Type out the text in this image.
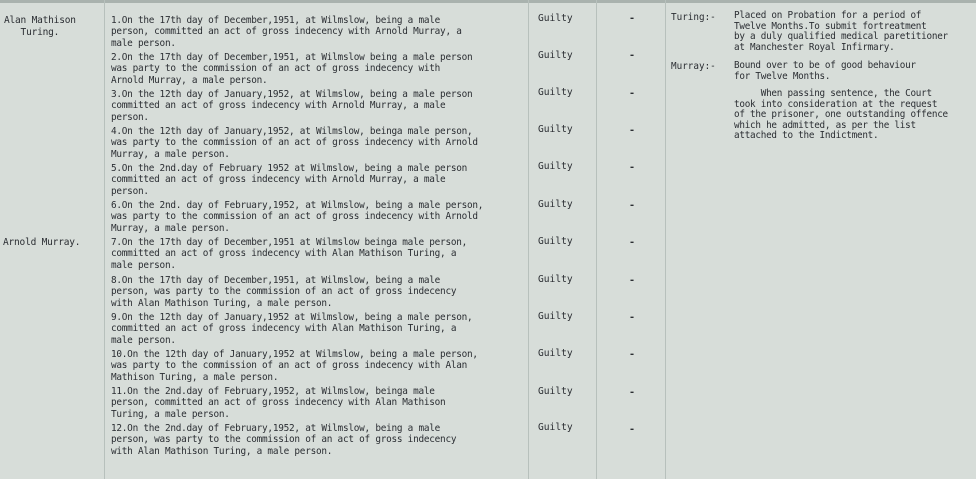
Alan Mathison
Turing.
Arnold Murray.
1.On the 17th day of December,1951, at Wilmslow, being a male
person, committed an act of gross indecency with Arnold Murray, a
male person.
2.On the 17th day of December,1951, at Wilmslow being a male person
was party to the commission of an act of gross indecency with
Arnold Murray, a male person.
3.On the 12th day of January,1952, at Wilmslow, being a male person
committed an act of gross indecency with Arnold Murray, a male
person.
4.On the 12th day of January,1952, at Wilmslow, beinga male person,
was party to the commission of an act of gross indecency with Arnold
Murray, a male person.
5.On the 2nd.day of February 1952 at Wilmslow, being a male person
committed an act of gross indecency with Arnold Murray, a male
person.
6.On the 2nd. day of February,1952, at Wilmslow, being a male person,
was party to the commission of an act of gross indecency with Arnold
Murray, a male person.
7.On the 17th day of December,1951 at Wilmslow beinga male person,
committed an act of gross indecency with Alan Mathison Turing, a
male person.
8.On the 17th day of December,1951, at Wilmslow, being a male
person, was party to the commission of an act of gross indecency
with Alan Mathison Turing, a male person.
9.On the 12th day of January,1952 at Wilmslow, being a male person,
committed an act of gross indecency with Alan Mathison Turing, a
male person.
10.On the 12th day of January,1952 at Wilmslow, being a male person,
was party to the commission of an act of gross indecency with Alan
Mathison Turing, a male person.
11.On the 2nd.day of February,1952, at Wilmslow, beinga male
person, committed an act of gross indecency with Alan Mathison
Turing, a male person.
12.On the 2nd.day of February,1952, at Wilmslow, being a male
person, was party to the commission of an act of gross indecency
with Alan Mathison Turing, a male person.
Guilty
Guilty
Guilty
Guilty
Guilty
Guilty
Guilty
Guilty
Guilty
Guilty
Guilty
Guilty
-
-
-
-
-
-
-
-
-
-
-
-
Turing:- Placed on Probation for a period of
Twelve Months.To submit fortreatment
by a duly qualified medical paretitioner
at Manchester Royal Infirmary.
Murray:- Bound over to be of good behaviour
for Twelve Months.
When passing sentence, the Court
took into consideration at the request
of the prisoner, one outstanding offence
which he admitted, as per the list
attached to the Indictment.
